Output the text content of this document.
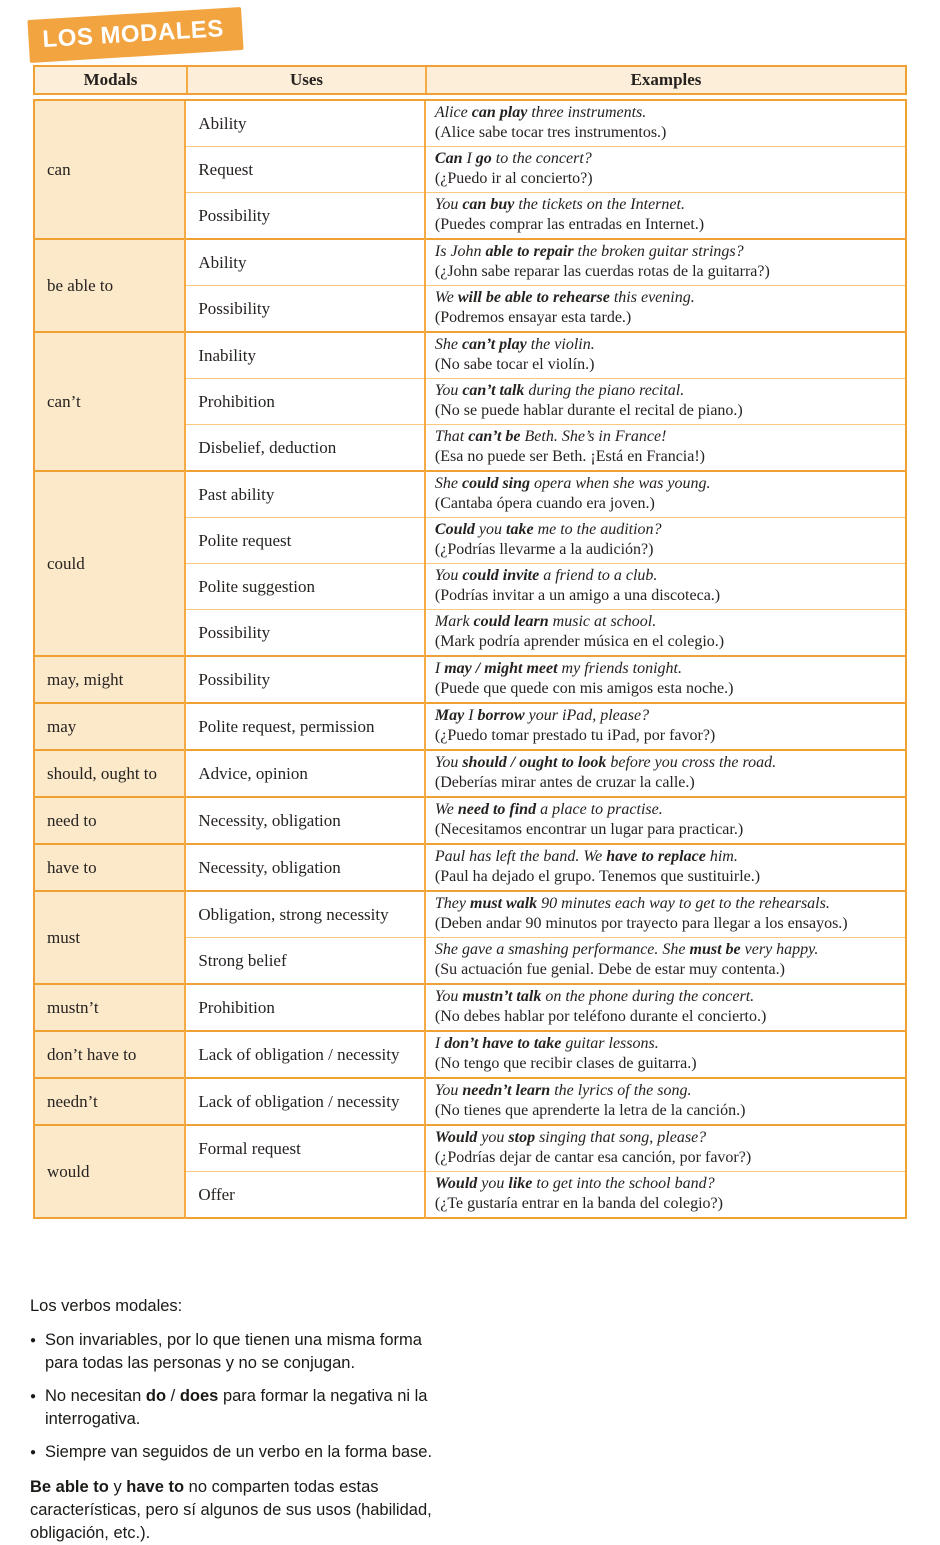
LOS MODALES
Modals	Uses	Examples
can	Ability	Alice can play three instruments.
(Alice sabe tocar tres instrumentos.)

	Request	Can I go to the concert?
(¿Puedo ir al concierto?)

	Possibility	You can buy the tickets on the Internet.
(Puedes comprar las entradas en Internet.)

be able to	Ability	Is John able to repair the broken guitar strings?
(¿John sabe reparar las cuerdas rotas de la guitarra?)

	Possibility	We will be able to rehearse this evening.
(Podremos ensayar esta tarde.)

can’t	Inability	She can’t play the violin.
(No sabe tocar el violín.)

	Prohibition	You can’t talk during the piano recital.
(No se puede hablar durante el recital de piano.)

	Disbelief, deduction	That can’t be Beth. She’s in France!
(Esa no puede ser Beth. ¡Está en Francia!)

could	Past ability	She could sing opera when she was young.
(Cantaba ópera cuando era joven.)

	Polite request	Could you take me to the audition?
(¿Podrías llevarme a la audición?)

	Polite suggestion	You could invite a friend to a club.
(Podrías invitar a un amigo a una discoteca.)

	Possibility	Mark could learn music at school.
(Mark podría aprender música en el colegio.)

may, might	Possibility	I may / might meet my friends tonight.
(Puede que quede con mis amigos esta noche.)

may	Polite request, permission	May I borrow your iPad, please?
(¿Puedo tomar prestado tu iPad, por favor?)

should, ought to	Advice, opinion	You should / ought to look before you cross the road.
(Deberías mirar antes de cruzar la calle.)

need to	Necessity, obligation	We need to find a place to practise.
(Necesitamos encontrar un lugar para practicar.)

have to	Necessity, obligation	Paul has left the band. We have to replace him.
(Paul ha dejado el grupo. Tenemos que sustituirle.)

must	Obligation, strong necessity	They must walk 90 minutes each way to get to the rehearsals.
(Deben andar 90 minutos por trayecto para llegar a los ensayos.)

	Strong belief	She gave a smashing performance. She must be very happy.
(Su actuación fue genial. Debe de estar muy contenta.)

mustn’t	Prohibition	You mustn’t talk on the phone during the concert.
(No debes hablar por teléfono durante el concierto.)

don’t have to	Lack of obligation / necessity	I don’t have to take guitar lessons.
(No tengo que recibir clases de guitarra.)

needn’t	Lack of obligation / necessity	You needn’t learn the lyrics of the song.
(No tienes que aprenderte la letra de la canción.)

would	Formal request	Would you stop singing that song, please?
(¿Podrías dejar de cantar esa canción, por favor?)

	Offer	Would you like to get into the school band?
(¿Te gustaría entrar en la banda del colegio?)

Los verbos modales:

● Son invariables, por lo que tienen una misma forma para todas las personas y no se conjugan.
● No necesitan do / does para formar la negativa ni la interrogativa.
● Siempre van seguidos de un verbo en la forma base.

Be able to y have to no comparten todas estas características, pero sí algunos de sus usos (habilidad, obligación, etc.).
